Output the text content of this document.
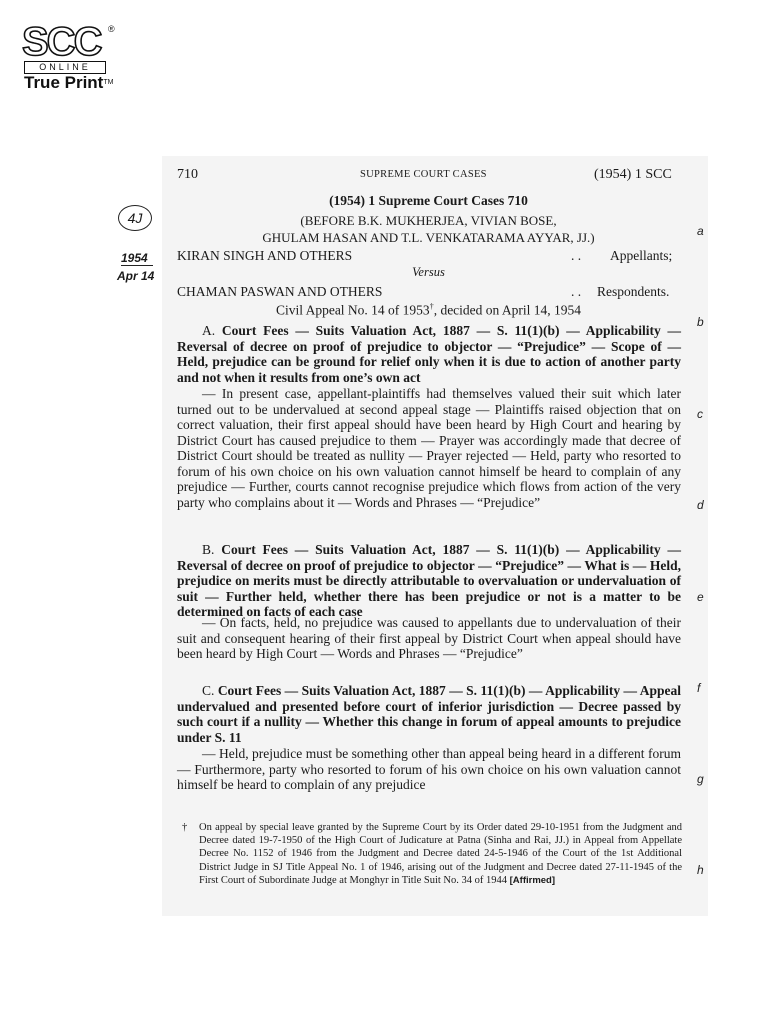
SCC ®
ONLINE
True Print™
710	SUPREME COURT CASES	(1954) 1 SCC
(1954) 1 Supreme Court Cases 710
(BEFORE B.K. MUKHERJEA, VIVIAN BOSE,
GHULAM HASAN AND T.L. VENKATARAMA AYYAR, JJ.)
4J
1954
Apr 14
a
b
c
d
e
f
g
h
KIRAN SINGH AND OTHERS	. . Appellants;
Versus
CHAMAN PASWAN AND OTHERS	. . Respondents.
Civil Appeal No. 14 of 1953†, decided on April 14, 1954
A. Court Fees — Suits Valuation Act, 1887 — S. 11(1)(b) — Applicability — Reversal of decree on proof of prejudice to objector — “Prejudice” — Scope of — Held, prejudice can be ground for relief only when it is due to action of another party and not when it results from one’s own act
— In present case, appellant-plaintiffs had themselves valued their suit which later turned out to be undervalued at second appeal stage — Plaintiffs raised objection that on correct valuation, their first appeal should have been heard by High Court and hearing by District Court has caused prejudice to them — Prayer was accordingly made that decree of District Court should be treated as nullity — Prayer rejected — Held, party who resorted to forum of his own choice on his own valuation cannot himself be heard to complain of any prejudice — Further, courts cannot recognise prejudice which flows from action of the very party who complains about it — Words and Phrases — “Prejudice”
B. Court Fees — Suits Valuation Act, 1887 — S. 11(1)(b) — Applicability — Reversal of decree on proof of prejudice to objector — “Prejudice” — What is — Held, prejudice on merits must be directly attributable to overvaluation or undervaluation of suit — Further held, whether there has been prejudice or not is a matter to be determined on facts of each case
— On facts, held, no prejudice was caused to appellants due to undervaluation of their suit and consequent hearing of their first appeal by District Court when appeal should have been heard by High Court — Words and Phrases — “Prejudice”
C. Court Fees — Suits Valuation Act, 1887 — S. 11(1)(b) — Applicability — Appeal undervalued and presented before court of inferior jurisdiction — Decree passed by such court if a nullity — Whether this change in forum of appeal amounts to prejudice under S. 11
— Held, prejudice must be something other than appeal being heard in a different forum — Furthermore, party who resorted to forum of his own choice on his own valuation cannot himself be heard to complain of any prejudice
† On appeal by special leave granted by the Supreme Court by its Order dated 29-10-1951 from the Judgment and Decree dated 19-7-1950 of the High Court of Judicature at Patna (Sinha and Rai, JJ.) in Appeal from Appellate Decree No. 1152 of 1946 from the Judgment and Decree dated 24-5-1946 of the Court of the 1st Additional District Judge in SJ Title Appeal No. 1 of 1946, arising out of the Judgment and Decree dated 27-11-1945 of the First Court of Subordinate Judge at Monghyr in Title Suit No. 34 of 1944 [Affirmed]
